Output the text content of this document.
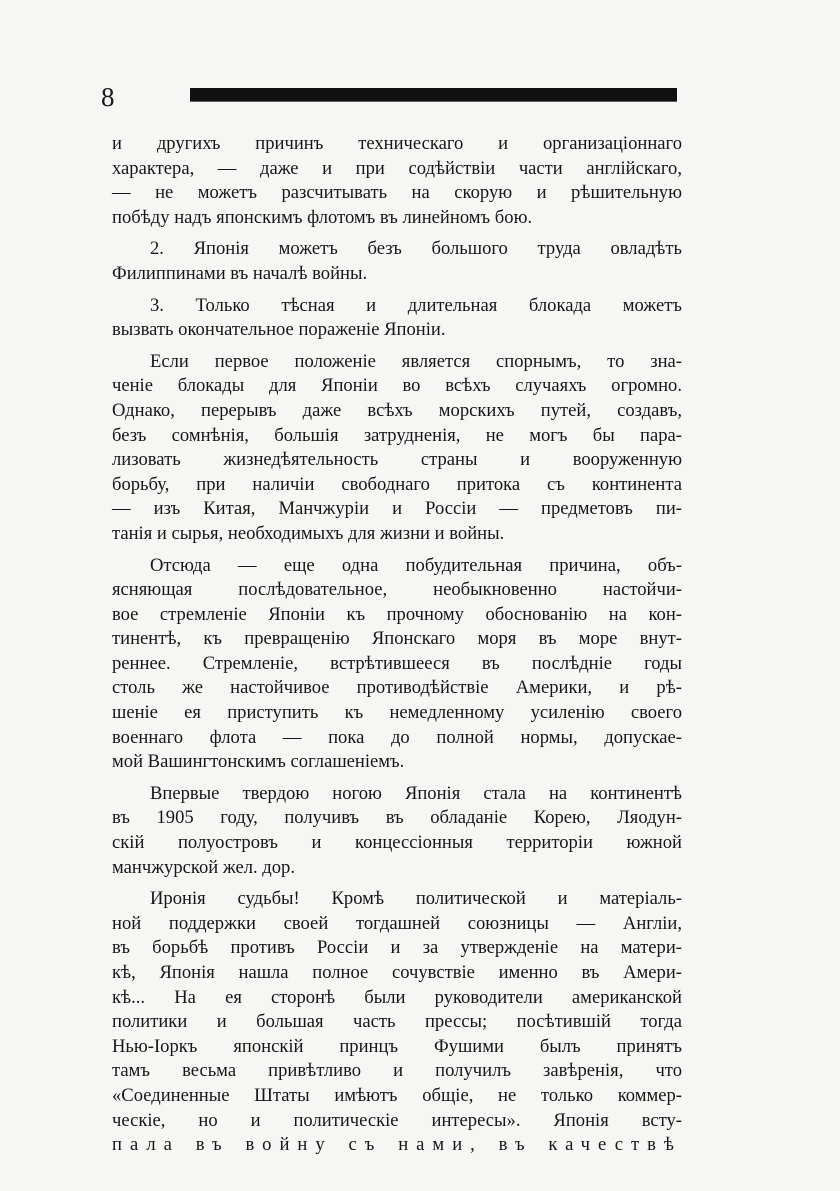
8
и другихъ причинъ техническаго и организаціоннаго
характера, — даже и при содѣйствіи части англійскаго,
— не можетъ разсчитывать на скорую и рѣшительную
побѣду надъ японскимъ флотомъ въ линейномъ бою.
2. Японія можетъ безъ большого труда овладѣть
Филиппинами въ началѣ войны.
3. Только тѣсная и длительная блокада можетъ
вызвать окончательное пораженіе Японіи.
Если первое положеніе является спорнымъ, то зна-
ченіе блокады для Японіи во всѣхъ случаяхъ огромно.
Однако, перерывъ даже всѣхъ морскихъ путей, создавъ,
безъ сомнѣнія, большія затрудненія, не могъ бы пара-
лизовать жизнедѣятельность страны и вооруженную
борьбу, при наличіи свободнаго притока съ континента
— изъ Китая, Манчжуріи и Россіи — предметовъ пи-
танія и сырья, необходимыхъ для жизни и войны.
Отсюда — еще одна побудительная причина, объ-
ясняющая послѣдовательное, необыкновенно настойчи-
вое стремленіе Японіи къ прочному обоснованію на кон-
тинентѣ, къ превращенію Японскаго моря въ море внут-
реннее. Стремленіе, встрѣтившееся въ послѣдніе годы
столь же настойчивое противодѣйствіе Америки, и рѣ-
шеніе ея приступить къ немедленному усиленію своего
военнаго флота — пока до полной нормы, допускае-
мой Вашингтонскимъ соглашеніемъ.
Впервые твердою ногою Японія стала на континентѣ
въ 1905 году, получивъ въ обладаніе Корею, Ляодун-
скій полуостровъ и концессіонныя территоріи южной
манчжурской жел. дор.
Иронія судьбы! Кромѣ политической и матеріаль-
ной поддержки своей тогдашней союзницы — Англіи,
въ борьбѣ противъ Россіи и за утвержденіе на матери-
кѣ, Японія нашла полное сочувствіе именно въ Амери-
кѣ... На ея сторонѣ были руководители американской
политики и большая часть прессы; посѣтившій тогда
Нью-Іоркъ японскій принцъ Фушими былъ принятъ
тамъ весьма привѣтливо и получилъ завѣренія, что
«Соединенные Штаты имѣютъ общіе, не только коммер-
ческіе, но и политическіе интересы». Японія всту-
пала въ войну съ нами, въ качествѣ
